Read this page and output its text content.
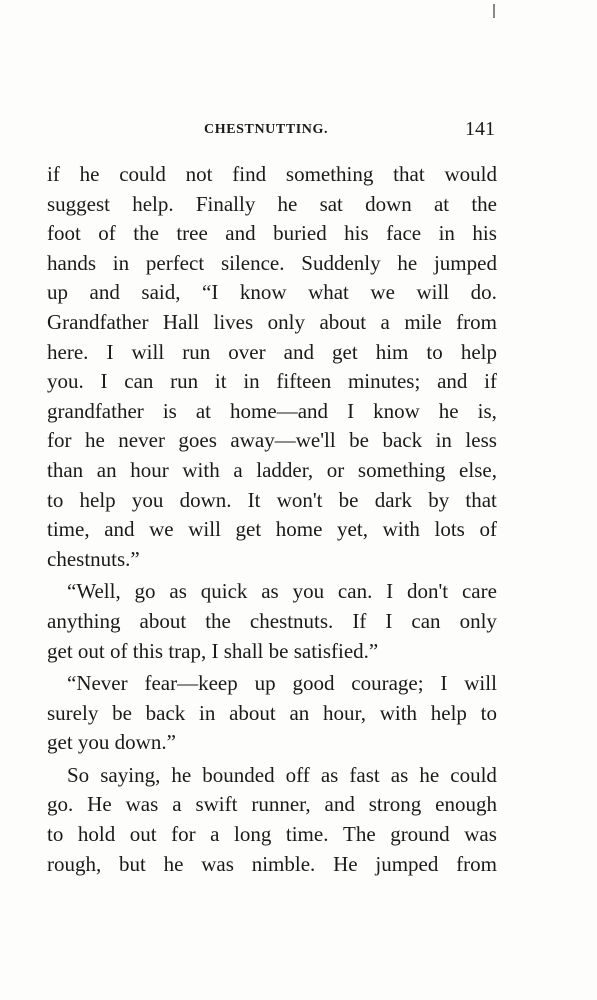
CHESTNUTTING.	141

if he could not find something that would
suggest help. Finally he sat down at the
foot of the tree and buried his face in his
hands in perfect silence. Suddenly he jumped
up and said, “I know what we will do.
Grandfather Hall lives only about a mile from
here. I will run over and get him to help
you. I can run it in fifteen minutes; and if
grandfather is at home—and I know he is,
for he never goes away—we'll be back in less
than an hour with a ladder, or something else,
to help you down. It won't be dark by that
time, and we will get home yet, with lots of
chestnuts.”

“Well, go as quick as you can. I don't care
anything about the chestnuts. If I can only
get out of this trap, I shall be satisfied.”

“Never fear—keep up good courage; I will
surely be back in about an hour, with help to
get you down.”

So saying, he bounded off as fast as he could
go. He was a swift runner, and strong enough
to hold out for a long time. The ground was
rough, but he was nimble. He jumped from
